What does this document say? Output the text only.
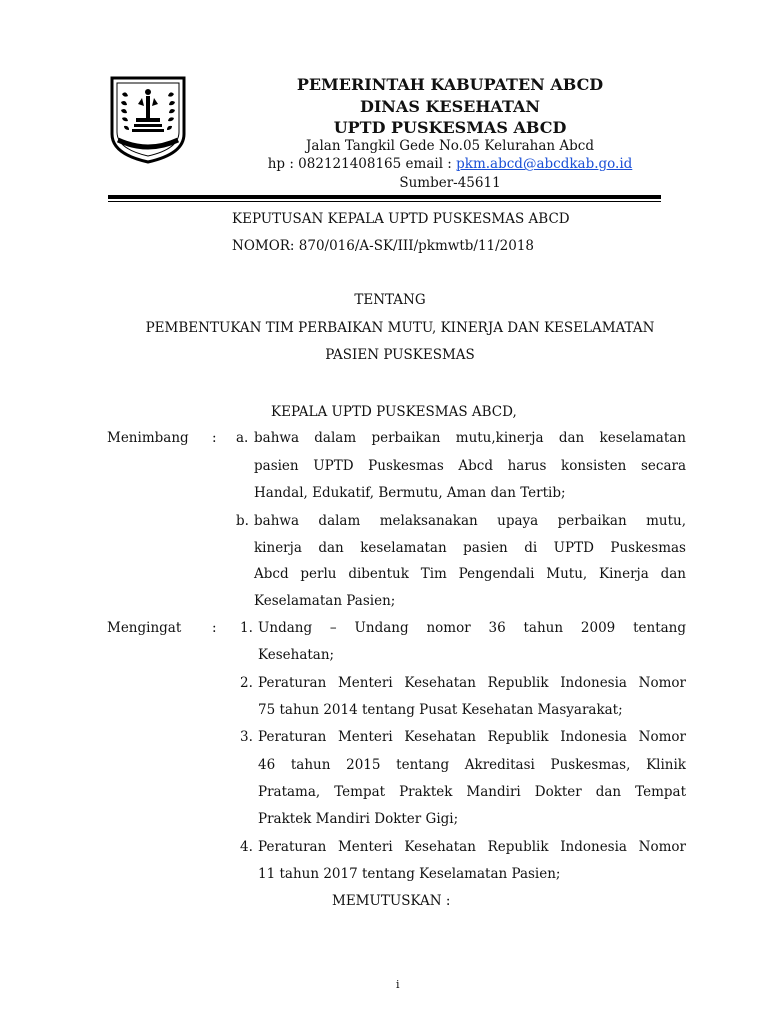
PEMERINTAH KABUPATEN ABCD
DINAS KESEHATAN
UPTD PUSKESMAS ABCD
Jalan Tangkil Gede No.05 Kelurahan Abcd
hp : 082121408165 email : pkm.abcd@abcdkab.go.id
Sumber-45611
KEPUTUSAN KEPALA UPTD PUSKESMAS ABCD
NOMOR: 870/016/A-SK/III/pkmwtb/11/2018
TENTANG
PEMBENTUKAN TIM PERBAIKAN MUTU, KINERJA DAN KESELAMATAN
PASIEN PUSKESMAS
KEPALA UPTD PUSKESMAS ABCD,
Menimbang : a. bahwa dalam perbaikan mutu,kinerja dan keselamatan
pasien UPTD Puskesmas Abcd harus konsisten secara
Handal, Edukatif, Bermutu, Aman dan Tertib;
b. bahwa dalam melaksanakan upaya perbaikan mutu,
kinerja dan keselamatan pasien di UPTD Puskesmas
Abcd perlu dibentuk Tim Pengendali Mutu, Kinerja dan
Keselamatan Pasien;
Mengingat : 1. Undang – Undang nomor 36 tahun 2009 tentang
Kesehatan;
2. Peraturan Menteri Kesehatan Republik Indonesia Nomor
75 tahun 2014 tentang Pusat Kesehatan Masyarakat;
3. Peraturan Menteri Kesehatan Republik Indonesia Nomor
46 tahun 2015 tentang Akreditasi Puskesmas, Klinik
Pratama, Tempat Praktek Mandiri Dokter dan Tempat
Praktek Mandiri Dokter Gigi;
4. Peraturan Menteri Kesehatan Republik Indonesia Nomor
11 tahun 2017 tentang Keselamatan Pasien;
MEMUTUSKAN :
i
